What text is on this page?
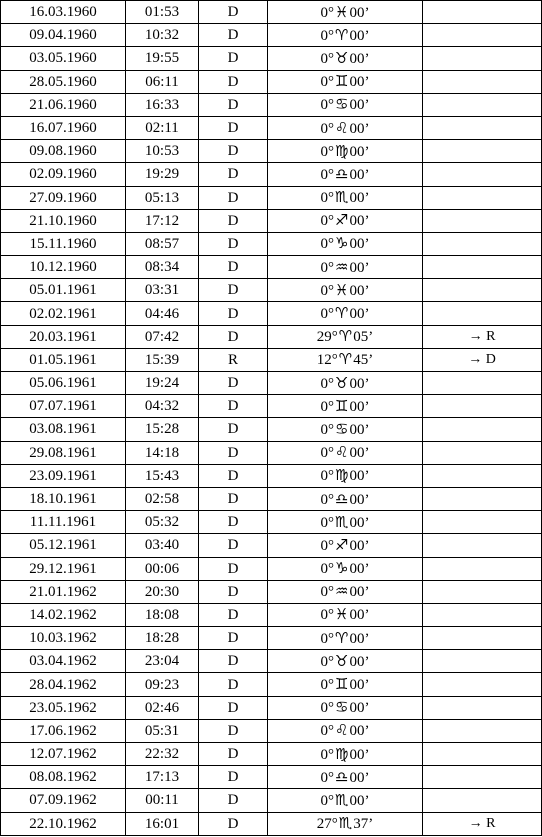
16.03.1960	01:53	D	0°♓00’	
09.04.1960	10:32	D	0°♈00’	
03.05.1960	19:55	D	0°♉00’	
28.05.1960	06:11	D	0°♊00’	
21.06.1960	16:33	D	0°♋00’	
16.07.1960	02:11	D	0°♌00’	
09.08.1960	10:53	D	0°♍00’	
02.09.1960	19:29	D	0°♎00’	
27.09.1960	05:13	D	0°♏00’	
21.10.1960	17:12	D	0°♐00’	
15.11.1960	08:57	D	0°♑00’	
10.12.1960	08:34	D	0°♒00’	
05.01.1961	03:31	D	0°♓00’	
02.02.1961	04:46	D	0°♈00’	
20.03.1961	07:42	D	29°♈05’	→ R
01.05.1961	15:39	R	12°♈45’	→ D
05.06.1961	19:24	D	0°♉00’	
07.07.1961	04:32	D	0°♊00’	
03.08.1961	15:28	D	0°♋00’	
29.08.1961	14:18	D	0°♌00’	
23.09.1961	15:43	D	0°♍00’	
18.10.1961	02:58	D	0°♎00’	
11.11.1961	05:32	D	0°♏00’	
05.12.1961	03:40	D	0°♐00’	
29.12.1961	00:06	D	0°♑00’	
21.01.1962	20:30	D	0°♒00’	
14.02.1962	18:08	D	0°♓00’	
10.03.1962	18:28	D	0°♈00’	
03.04.1962	23:04	D	0°♉00’	
28.04.1962	09:23	D	0°♊00’	
23.05.1962	02:46	D	0°♋00’	
17.06.1962	05:31	D	0°♌00’	
12.07.1962	22:32	D	0°♍00’	
08.08.1962	17:13	D	0°♎00’	
07.09.1962	00:11	D	0°♏00’	
22.10.1962	16:01	D	27°♏37’	→ R
